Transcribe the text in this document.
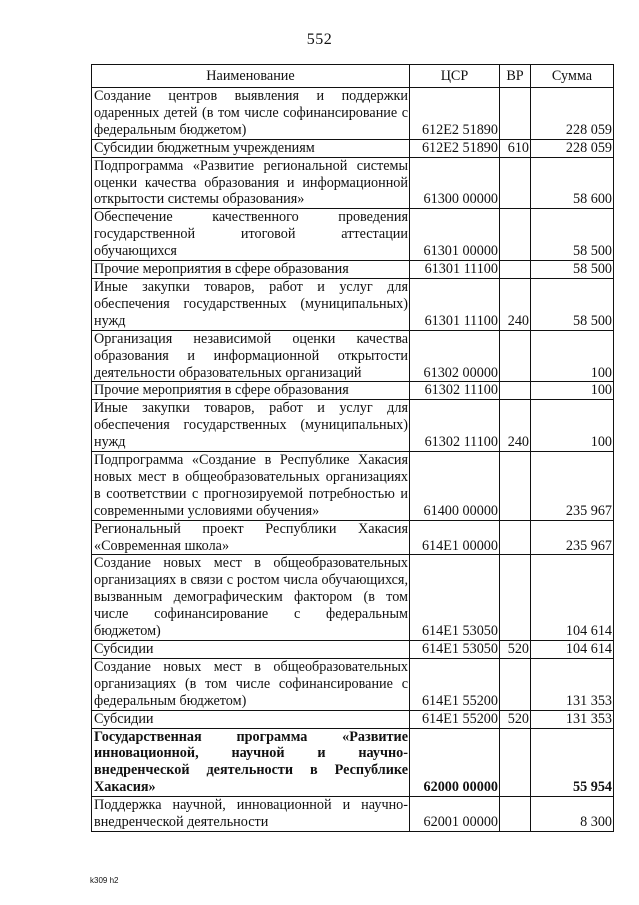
552
Наименование	ЦСР	ВР	Сумма
Создание центров выявления и поддержки одаренных детей (в том числе софинансирование с федеральным бюджетом)	612E2 51890		228 059
Субсидии бюджетным учреждениям	612E2 51890	610	228 059
Подпрограмма «Развитие региональной системы оценки качества образования и информационной открытости системы образования»	61300 00000		58 600
Обеспечение качественного проведения государственной итоговой аттестации обучающихся	61301 00000		58 500
Прочие мероприятия в сфере образования	61301 11100		58 500
Иные закупки товаров, работ и услуг для обеспечения государственных (муниципальных) нужд	61301 11100	240	58 500
Организация независимой оценки качества образования и информационной открытости деятельности образовательных организаций	61302 00000		100
Прочие мероприятия в сфере образования	61302 11100		100
Иные закупки товаров, работ и услуг для обеспечения государственных (муниципальных) нужд	61302 11100	240	100
Подпрограмма «Создание в Республике Хакасия новых мест в общеобразовательных организациях в соответствии с прогнозируемой потребностью и современными условиями обучения»	61400 00000		235 967
Региональный проект Республики Хакасия «Современная школа»	614E1 00000		235 967
Создание новых мест в общеобразовательных организациях в связи с ростом числа обучающихся, вызванным демографическим фактором (в том числе софинансирование с федеральным бюджетом)	614E1 53050		104 614
Субсидии	614E1 53050	520	104 614
Создание новых мест в общеобразовательных организациях (в том числе софинансирование с федеральным бюджетом)	614E1 55200		131 353
Субсидии	614E1 55200	520	131 353
Государственная программа «Развитие инновационной, научной и научно-внедренческой деятельности в Республике Хакасия»	62000 00000		55 954
Поддержка научной, инновационной и научно-внедренческой деятельности	62001 00000		8 300
k309 h2
